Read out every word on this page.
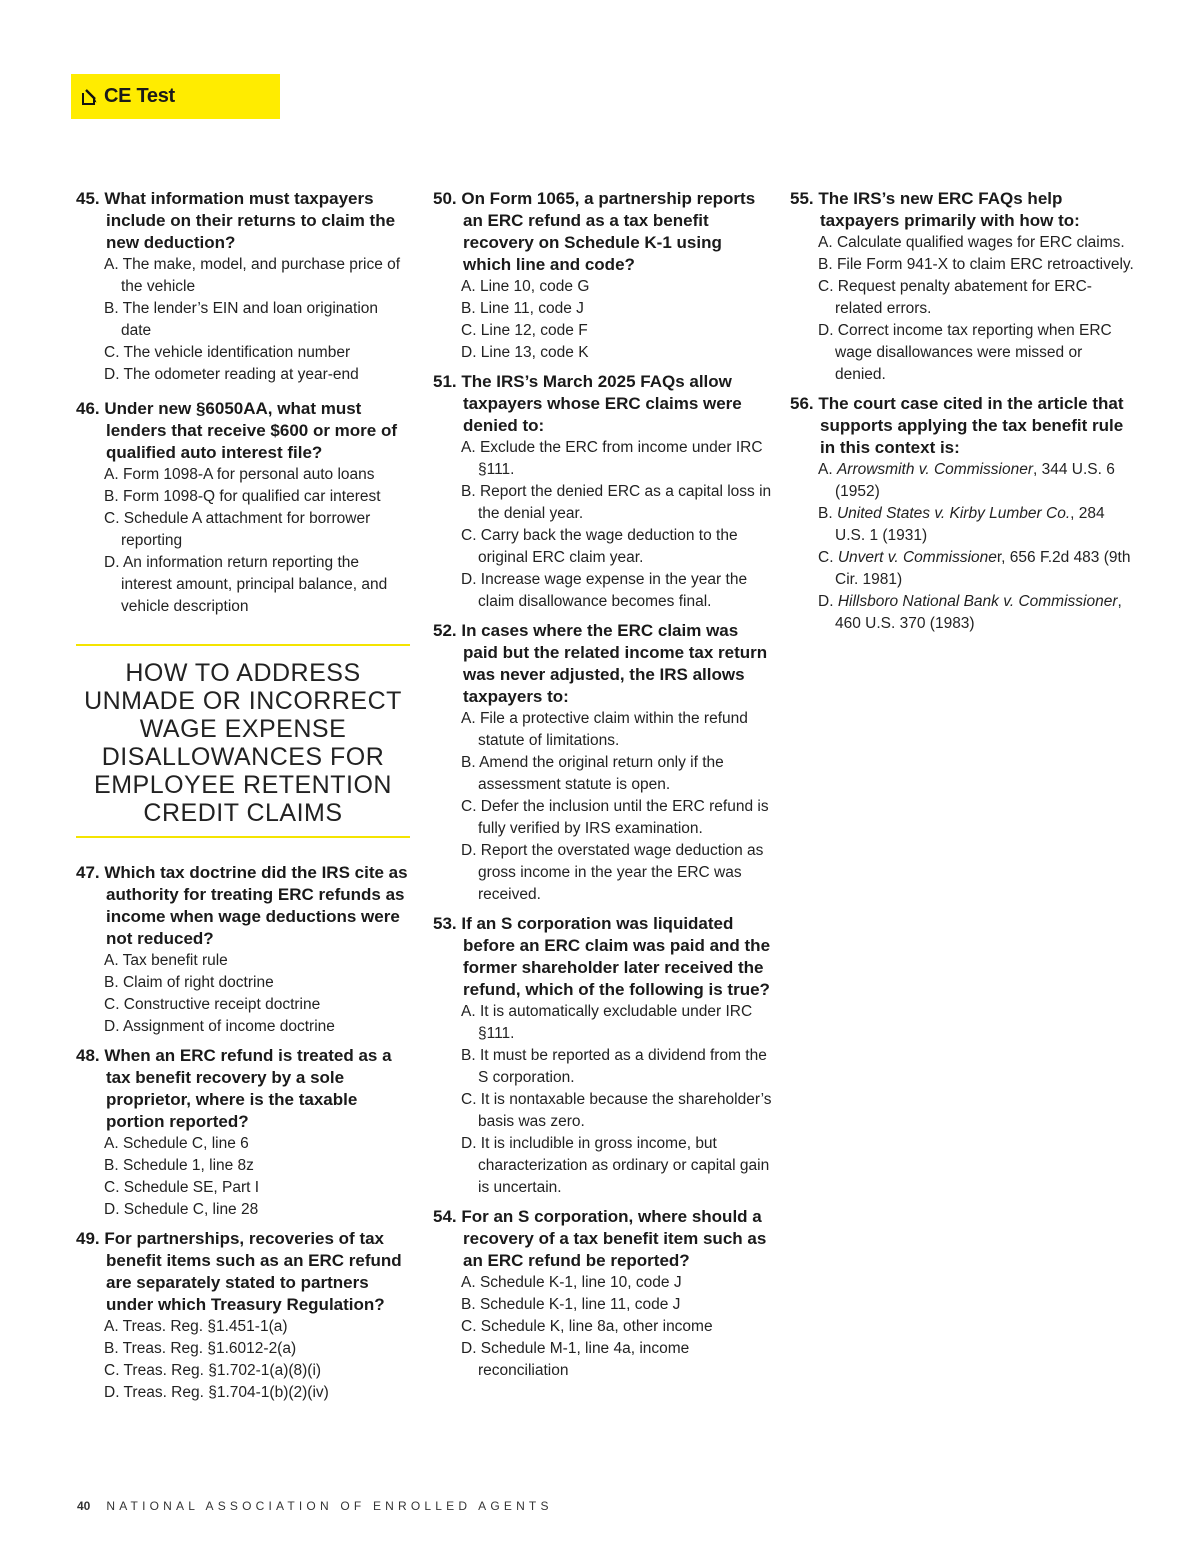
CE Test
45. What information must taxpayers include on their returns to claim the new deduction?
A. The make, model, and purchase price of the vehicle
B. The lender’s EIN and loan origination date
C. The vehicle identification number
D. The odometer reading at year-end
46. Under new §6050AA, what must lenders that receive $600 or more of qualified auto interest file?
A. Form 1098-A for personal auto loans
B. Form 1098-Q for qualified car interest
C. Schedule A attachment for borrower reporting
D. An information return reporting the interest amount, principal balance, and vehicle description
HOW TO ADDRESS UNMADE OR INCORRECT WAGE EXPENSE DISALLOWANCES FOR EMPLOYEE RETENTION CREDIT CLAIMS
47. Which tax doctrine did the IRS cite as authority for treating ERC refunds as income when wage deductions were not reduced?
A. Tax benefit rule
B. Claim of right doctrine
C. Constructive receipt doctrine
D. Assignment of income doctrine
48. When an ERC refund is treated as a tax benefit recovery by a sole proprietor, where is the taxable portion reported?
A. Schedule C, line 6
B. Schedule 1, line 8z
C. Schedule SE, Part I
D. Schedule C, line 28
49. For partnerships, recoveries of tax benefit items such as an ERC refund are separately stated to partners under which Treasury Regulation?
A. Treas. Reg. §1.451-1(a)
B. Treas. Reg. §1.6012-2(a)
C. Treas. Reg. §1.702-1(a)(8)(i)
D. Treas. Reg. §1.704-1(b)(2)(iv)
50. On Form 1065, a partnership reports an ERC refund as a tax benefit recovery on Schedule K-1 using which line and code?
A. Line 10, code G
B. Line 11, code J
C. Line 12, code F
D. Line 13, code K
51. The IRS’s March 2025 FAQs allow taxpayers whose ERC claims were denied to:
A. Exclude the ERC from income under IRC §111.
B. Report the denied ERC as a capital loss in the denial year.
C. Carry back the wage deduction to the original ERC claim year.
D. Increase wage expense in the year the claim disallowance becomes final.
52. In cases where the ERC claim was paid but the related income tax return was never adjusted, the IRS allows taxpayers to:
A. File a protective claim within the refund statute of limitations.
B. Amend the original return only if the assessment statute is open.
C. Defer the inclusion until the ERC refund is fully verified by IRS examination.
D. Report the overstated wage deduction as gross income in the year the ERC was received.
53. If an S corporation was liquidated before an ERC claim was paid and the former shareholder later received the refund, which of the following is true?
A. It is automatically excludable under IRC §111.
B. It must be reported as a dividend from the S corporation.
C. It is nontaxable because the shareholder’s basis was zero.
D. It is includible in gross income, but characterization as ordinary or capital gain is uncertain.
54. For an S corporation, where should a recovery of a tax benefit item such as an ERC refund be reported?
A. Schedule K-1, line 10, code J
B. Schedule K-1, line 11, code J
C. Schedule K, line 8a, other income
D. Schedule M-1, line 4a, income reconciliation
55. The IRS’s new ERC FAQs help taxpayers primarily with how to:
A. Calculate qualified wages for ERC claims.
B. File Form 941-X to claim ERC retroactively.
C. Request penalty abatement for ERC-related errors.
D. Correct income tax reporting when ERC wage disallowances were missed or denied.
56. The court case cited in the article that supports applying the tax benefit rule in this context is:
A. Arrowsmith v. Commissioner, 344 U.S. 6 (1952)
B. United States v. Kirby Lumber Co., 284 U.S. 1 (1931)
C. Unvert v. Commissioner, 656 F.2d 483 (9th Cir. 1981)
D. Hillsboro National Bank v. Commissioner, 460 U.S. 370 (1983)
40 NATIONAL ASSOCIATION OF ENROLLED AGENTS
